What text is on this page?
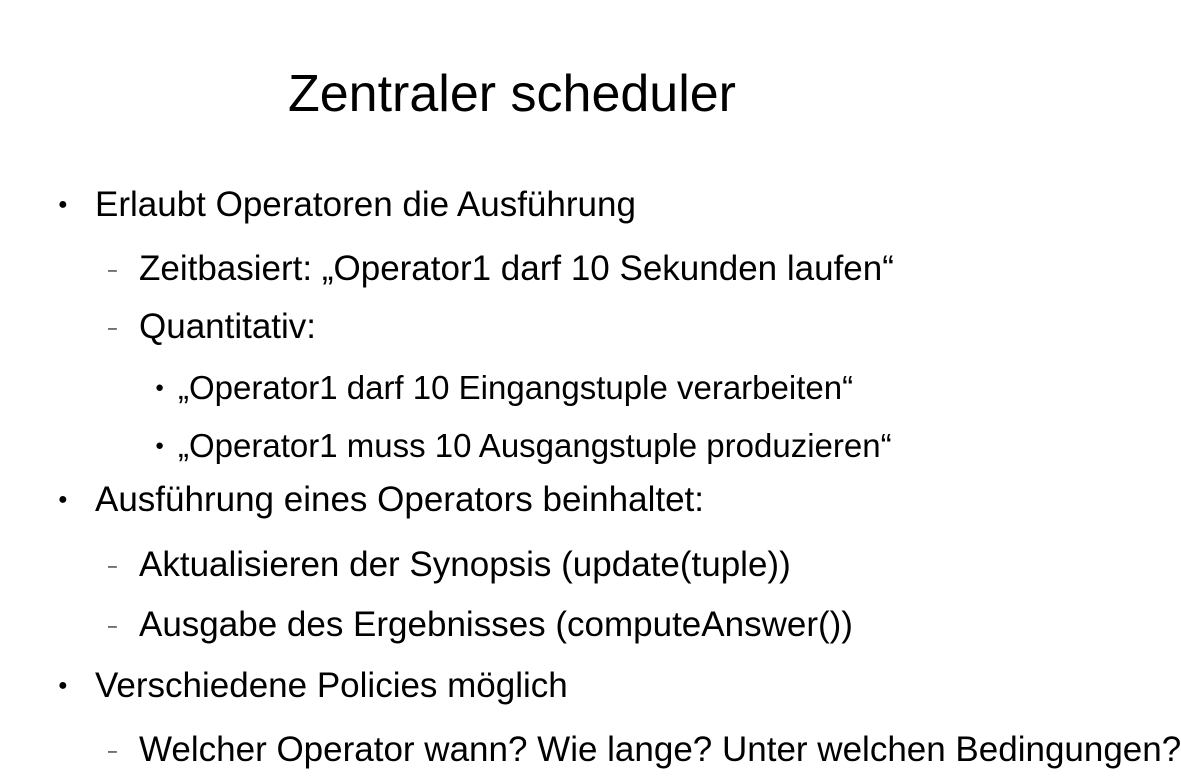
Zentraler scheduler
● Erlaubt Operatoren die Ausführung
– Zeitbasiert: „Operator1 darf 10 Sekunden laufen“
– Quantitativ:
● „Operator1 darf 10 Eingangstuple verarbeiten“
● „Operator1 muss 10 Ausgangstuple produzieren“
● Ausführung eines Operators beinhaltet:
– Aktualisieren der Synopsis (update(tuple))
– Ausgabe des Ergebnisses (computeAnswer())
● Verschiedene Policies möglich
– Welcher Operator wann? Wie lange? Unter welchen Bedingungen?
